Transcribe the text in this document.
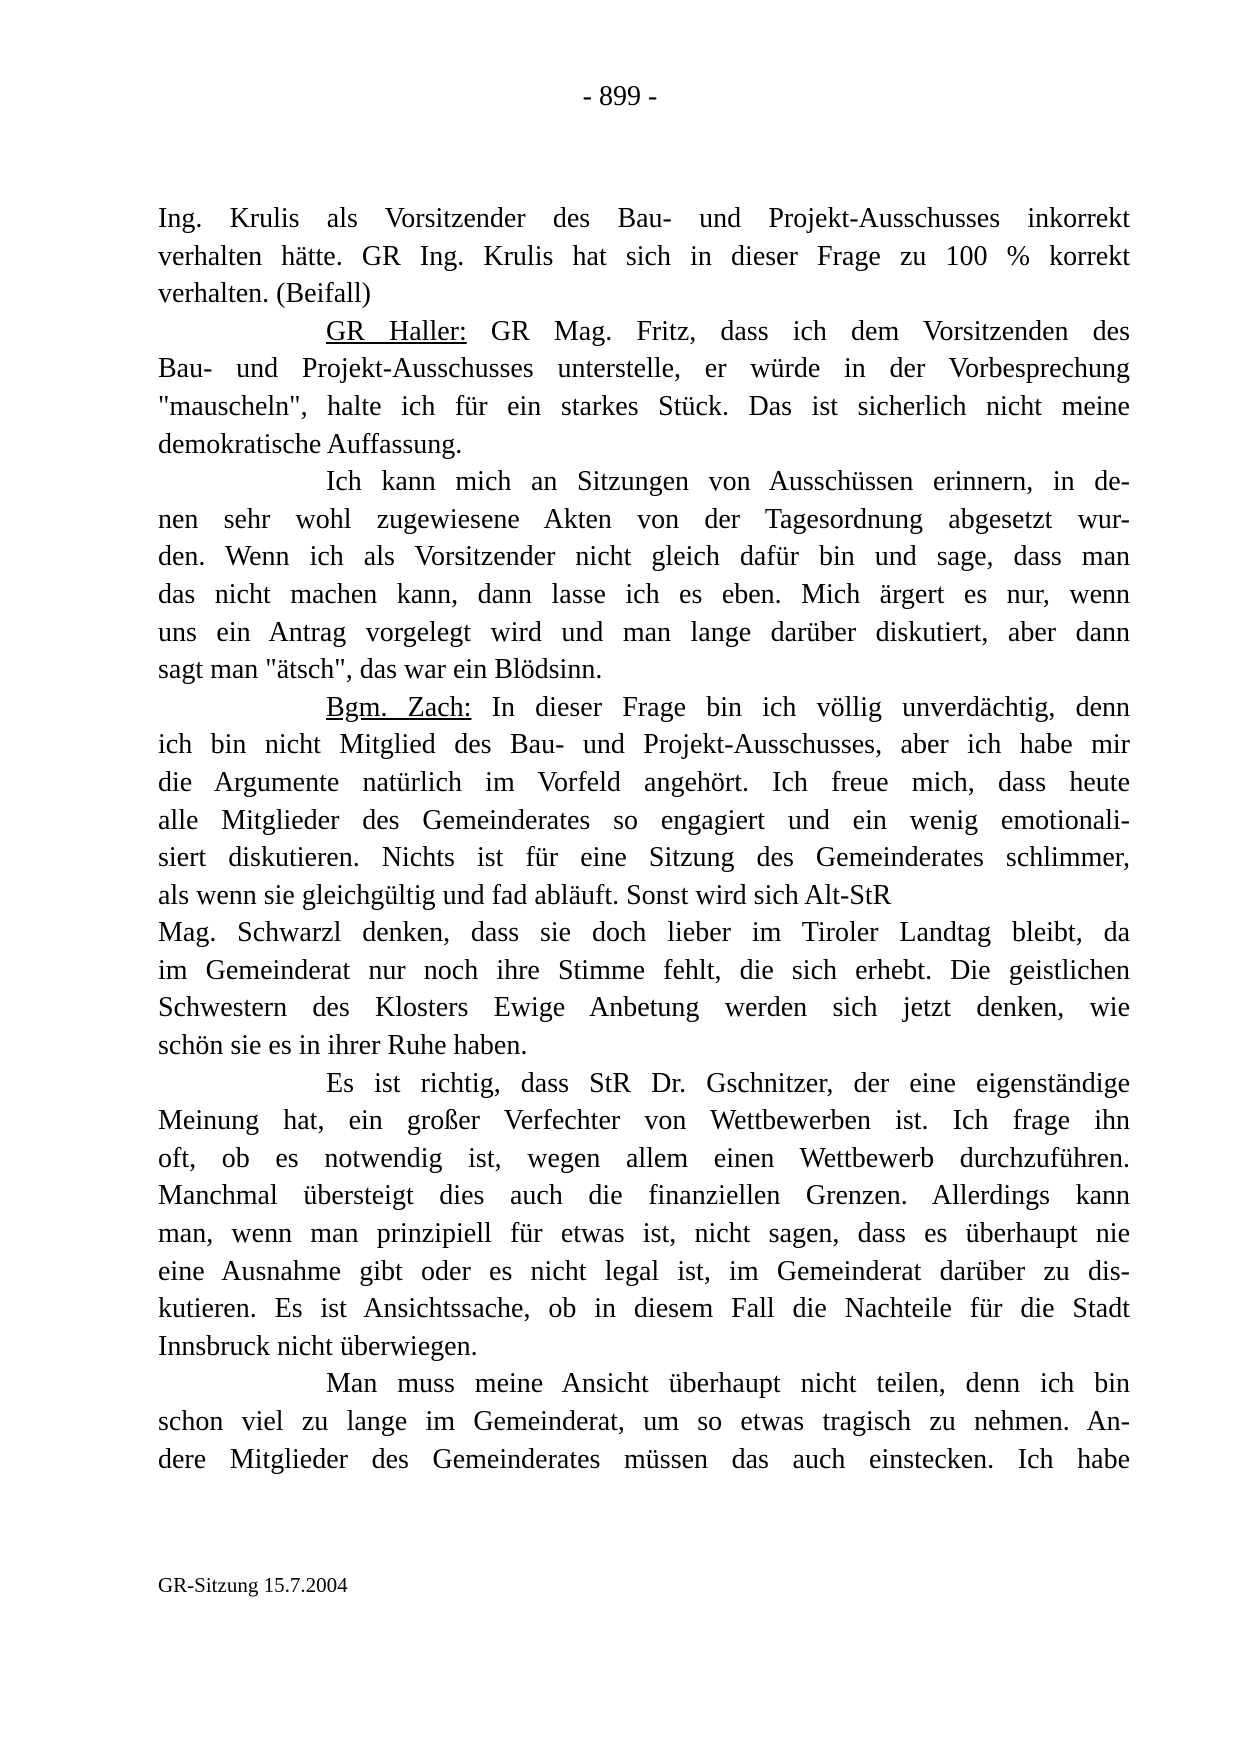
- 899 -
Ing. Krulis als Vorsitzender des Bau- und Projekt-Ausschusses inkorrekt
verhalten hätte. GR Ing. Krulis hat sich in dieser Frage zu 100 % korrekt
verhalten. (Beifall)
GR Haller: GR Mag. Fritz, dass ich dem Vorsitzenden des
Bau- und Projekt-Ausschusses unterstelle, er würde in der Vorbesprechung
"mauscheln", halte ich für ein starkes Stück. Das ist sicherlich nicht meine
demokratische Auffassung.
Ich kann mich an Sitzungen von Ausschüssen erinnern, in de-
nen sehr wohl zugewiesene Akten von der Tagesordnung abgesetzt wur-
den. Wenn ich als Vorsitzender nicht gleich dafür bin und sage, dass man
das nicht machen kann, dann lasse ich es eben. Mich ärgert es nur, wenn
uns ein Antrag vorgelegt wird und man lange darüber diskutiert, aber dann
sagt man "ätsch", das war ein Blödsinn.
Bgm. Zach: In dieser Frage bin ich völlig unverdächtig, denn
ich bin nicht Mitglied des Bau- und Projekt-Ausschusses, aber ich habe mir
die Argumente natürlich im Vorfeld angehört. Ich freue mich, dass heute
alle Mitglieder des Gemeinderates so engagiert und ein wenig emotionali-
siert diskutieren. Nichts ist für eine Sitzung des Gemeinderates schlimmer,
als wenn sie gleichgültig und fad abläuft. Sonst wird sich Alt-StR
Mag. Schwarzl denken, dass sie doch lieber im Tiroler Landtag bleibt, da
im Gemeinderat nur noch ihre Stimme fehlt, die sich erhebt. Die geistlichen
Schwestern des Klosters Ewige Anbetung werden sich jetzt denken, wie
schön sie es in ihrer Ruhe haben.
Es ist richtig, dass StR Dr. Gschnitzer, der eine eigenständige
Meinung hat, ein großer Verfechter von Wettbewerben ist. Ich frage ihn
oft, ob es notwendig ist, wegen allem einen Wettbewerb durchzuführen.
Manchmal übersteigt dies auch die finanziellen Grenzen. Allerdings kann
man, wenn man prinzipiell für etwas ist, nicht sagen, dass es überhaupt nie
eine Ausnahme gibt oder es nicht legal ist, im Gemeinderat darüber zu dis-
kutieren. Es ist Ansichtssache, ob in diesem Fall die Nachteile für die Stadt
Innsbruck nicht überwiegen.
Man muss meine Ansicht überhaupt nicht teilen, denn ich bin
schon viel zu lange im Gemeinderat, um so etwas tragisch zu nehmen. An-
dere Mitglieder des Gemeinderates müssen das auch einstecken. Ich habe
GR-Sitzung 15.7.2004
